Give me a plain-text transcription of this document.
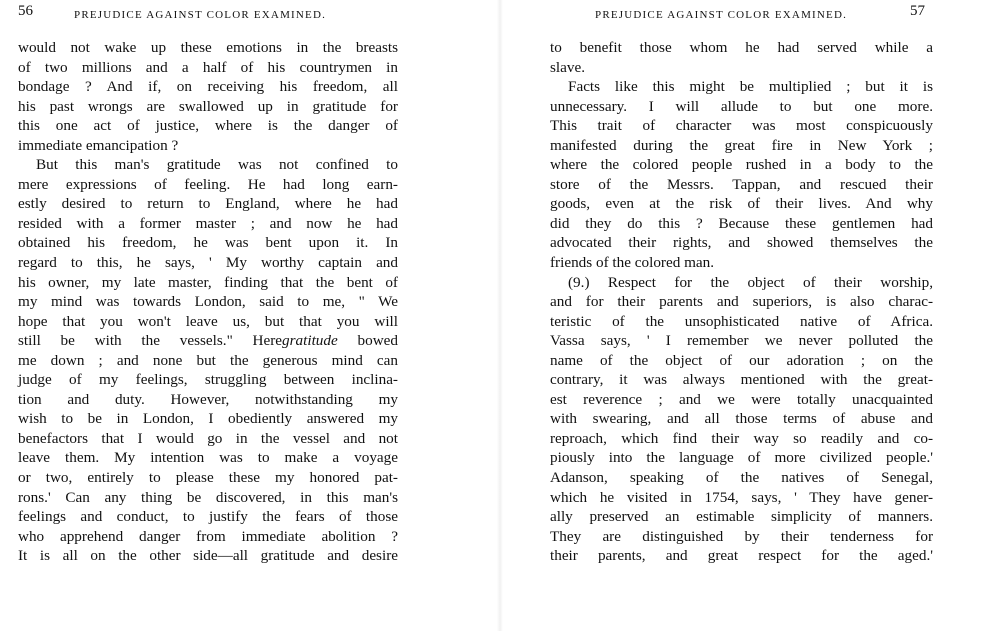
56	PREJUDICE AGAINST COLOR EXAMINED.
would not wake up these emotions in the breasts
of two millions and a half of his countrymen in
bondage ? And if, on receiving his freedom, all
his past wrongs are swallowed up in gratitude for
this one act of justice, where is the danger of
immediate emancipation ?
But this man's gratitude was not confined to
mere expressions of feeling. He had long earn-
estly desired to return to England, where he had
resided with a former master ; and now he had
obtained his freedom, he was bent upon it. In
regard to this, he says, ' My worthy captain and
his owner, my late master, finding that the bent of
my mind was towards London, said to me, " We
hope that you won't leave us, but that you will
still be with the vessels." Heregratitude bowed
me down ; and none but the generous mind can
judge of my feelings, struggling between inclina-
tion and duty. However, notwithstanding my
wish to be in London, I obediently answered my
benefactors that I would go in the vessel and not
leave them. My intention was to make a voyage
or two, entirely to please these my honored pat-
rons.' Can any thing be discovered, in this man's
feelings and conduct, to justify the fears of those
who apprehend danger from immediate abolition ?
It is all on the other side—all gratitude and desire
PREJUDICE AGAINST COLOR EXAMINED.	57
to benefit those whom he had served while a
slave.
Facts like this might be multiplied ; but it is
unnecessary. I will allude to but one more.
This trait of character was most conspicuously
manifested during the great fire in New York ;
where the colored people rushed in a body to the
store of the Messrs. Tappan, and rescued their
goods, even at the risk of their lives. And why
did they do this ? Because these gentlemen had
advocated their rights, and showed themselves the
friends of the colored man.
(9.) Respect for the object of their worship,
and for their parents and superiors, is also charac-
teristic of the unsophisticated native of Africa.
Vassa says, ' I remember we never polluted the
name of the object of our adoration ; on the
contrary, it was always mentioned with the great-
est reverence ; and we were totally unacquainted
with swearing, and all those terms of abuse and
reproach, which find their way so readily and co-
piously into the language of more civilized people.'
Adanson, speaking of the natives of Senegal,
which he visited in 1754, says, ' They have gener-
ally preserved an estimable simplicity of manners.
They are distinguished by their tenderness for
their parents, and great respect for the aged.'
